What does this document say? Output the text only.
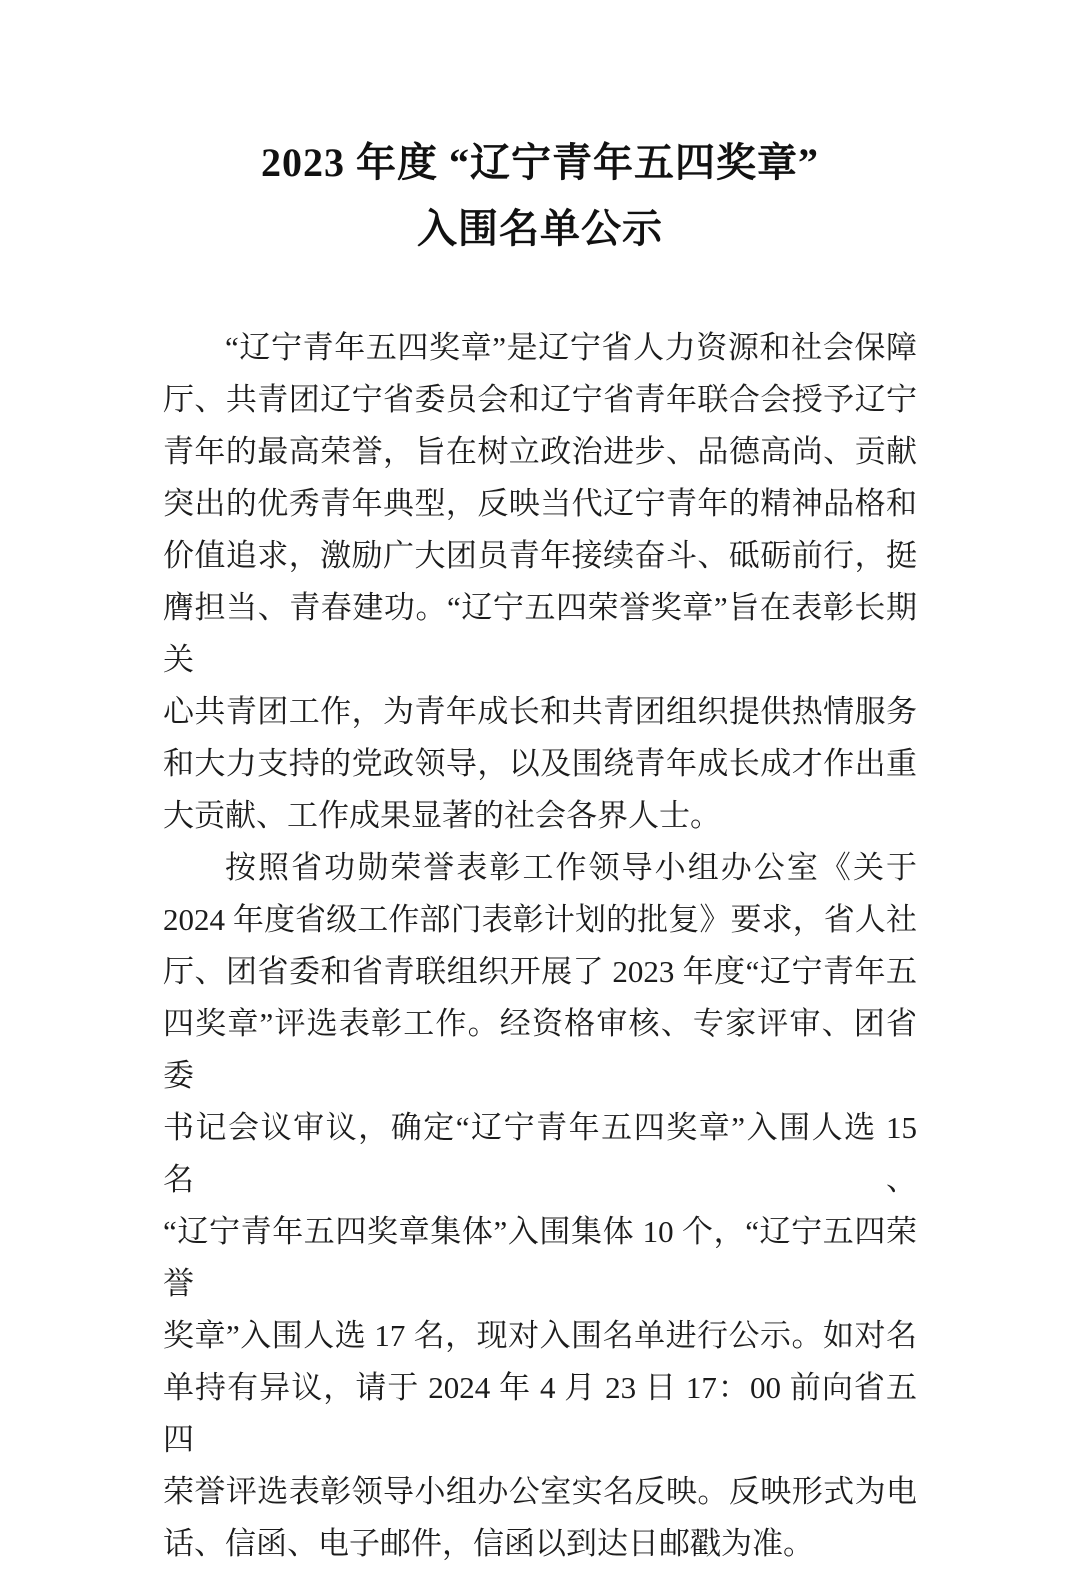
2023 年度 “辽宁青年五四奖章”
入围名单公示
“辽宁青年五四奖章”是辽宁省人力资源和社会保障
厅、共青团辽宁省委员会和辽宁省青年联合会授予辽宁
青年的最高荣誉，旨在树立政治进步、品德高尚、贡献
突出的优秀青年典型，反映当代辽宁青年的精神品格和
价值追求，激励广大团员青年接续奋斗、砥砺前行，挺
膺担当、青春建功。“辽宁五四荣誉奖章”旨在表彰长期关
心共青团工作，为青年成长和共青团组织提供热情服务
和大力支持的党政领导，以及围绕青年成长成才作出重
大贡献、工作成果显著的社会各界人士。
按照省功勋荣誉表彰工作领导小组办公室《关于
2024 年度省级工作部门表彰计划的批复》要求，省人社
厅、团省委和省青联组织开展了 2023 年度“辽宁青年五
四奖章”评选表彰工作。经资格审核、专家评审、团省委
书记会议审议，确定“辽宁青年五四奖章”入围人选 15 名、
“辽宁青年五四奖章集体”入围集体 10 个，“辽宁五四荣誉
奖章”入围人选 17 名，现对入围名单进行公示。如对名
单持有异议，请于 2024 年 4 月 23 日 17：00 前向省五四
荣誉评选表彰领导小组办公室实名反映。反映形式为电
话、信函、电子邮件，信函以到达日邮戳为准。
